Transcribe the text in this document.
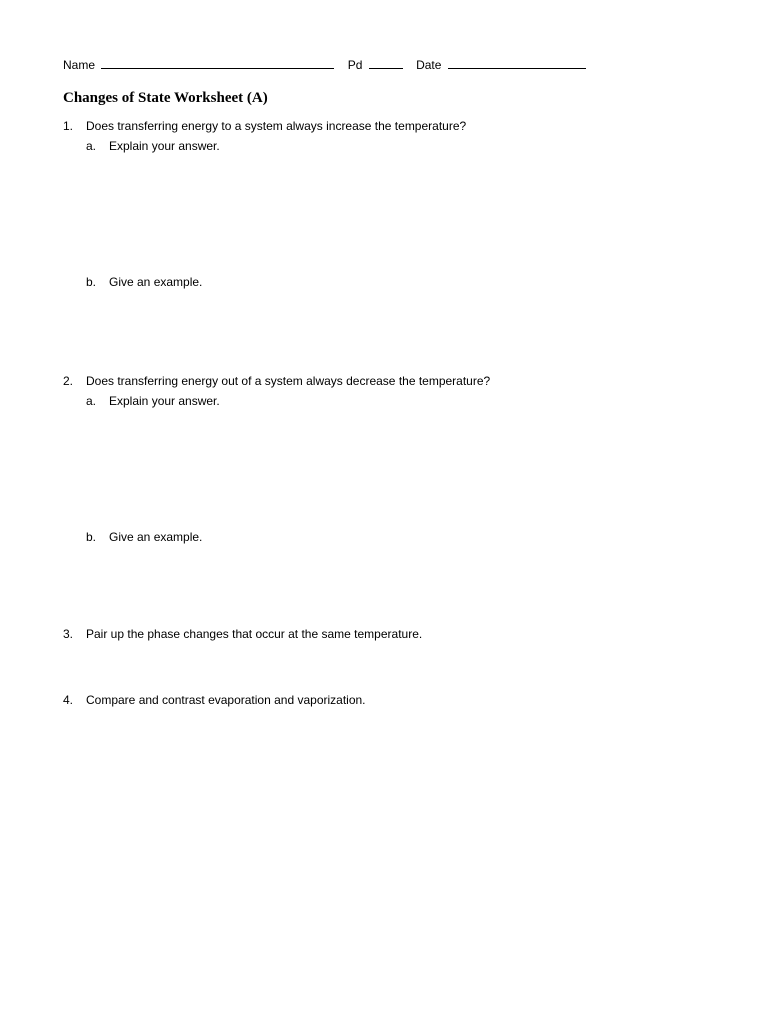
Name	Pd	Date
Changes of State Worksheet (A)
1.	Does transferring energy to a system always increase the temperature?
a. Explain your answer.
b. Give an example.
2.	Does transferring energy out of a system always decrease the temperature?
a. Explain your answer.
b. Give an example.
3.	Pair up the phase changes that occur at the same temperature.
4.	Compare and contrast evaporation and vaporization.
